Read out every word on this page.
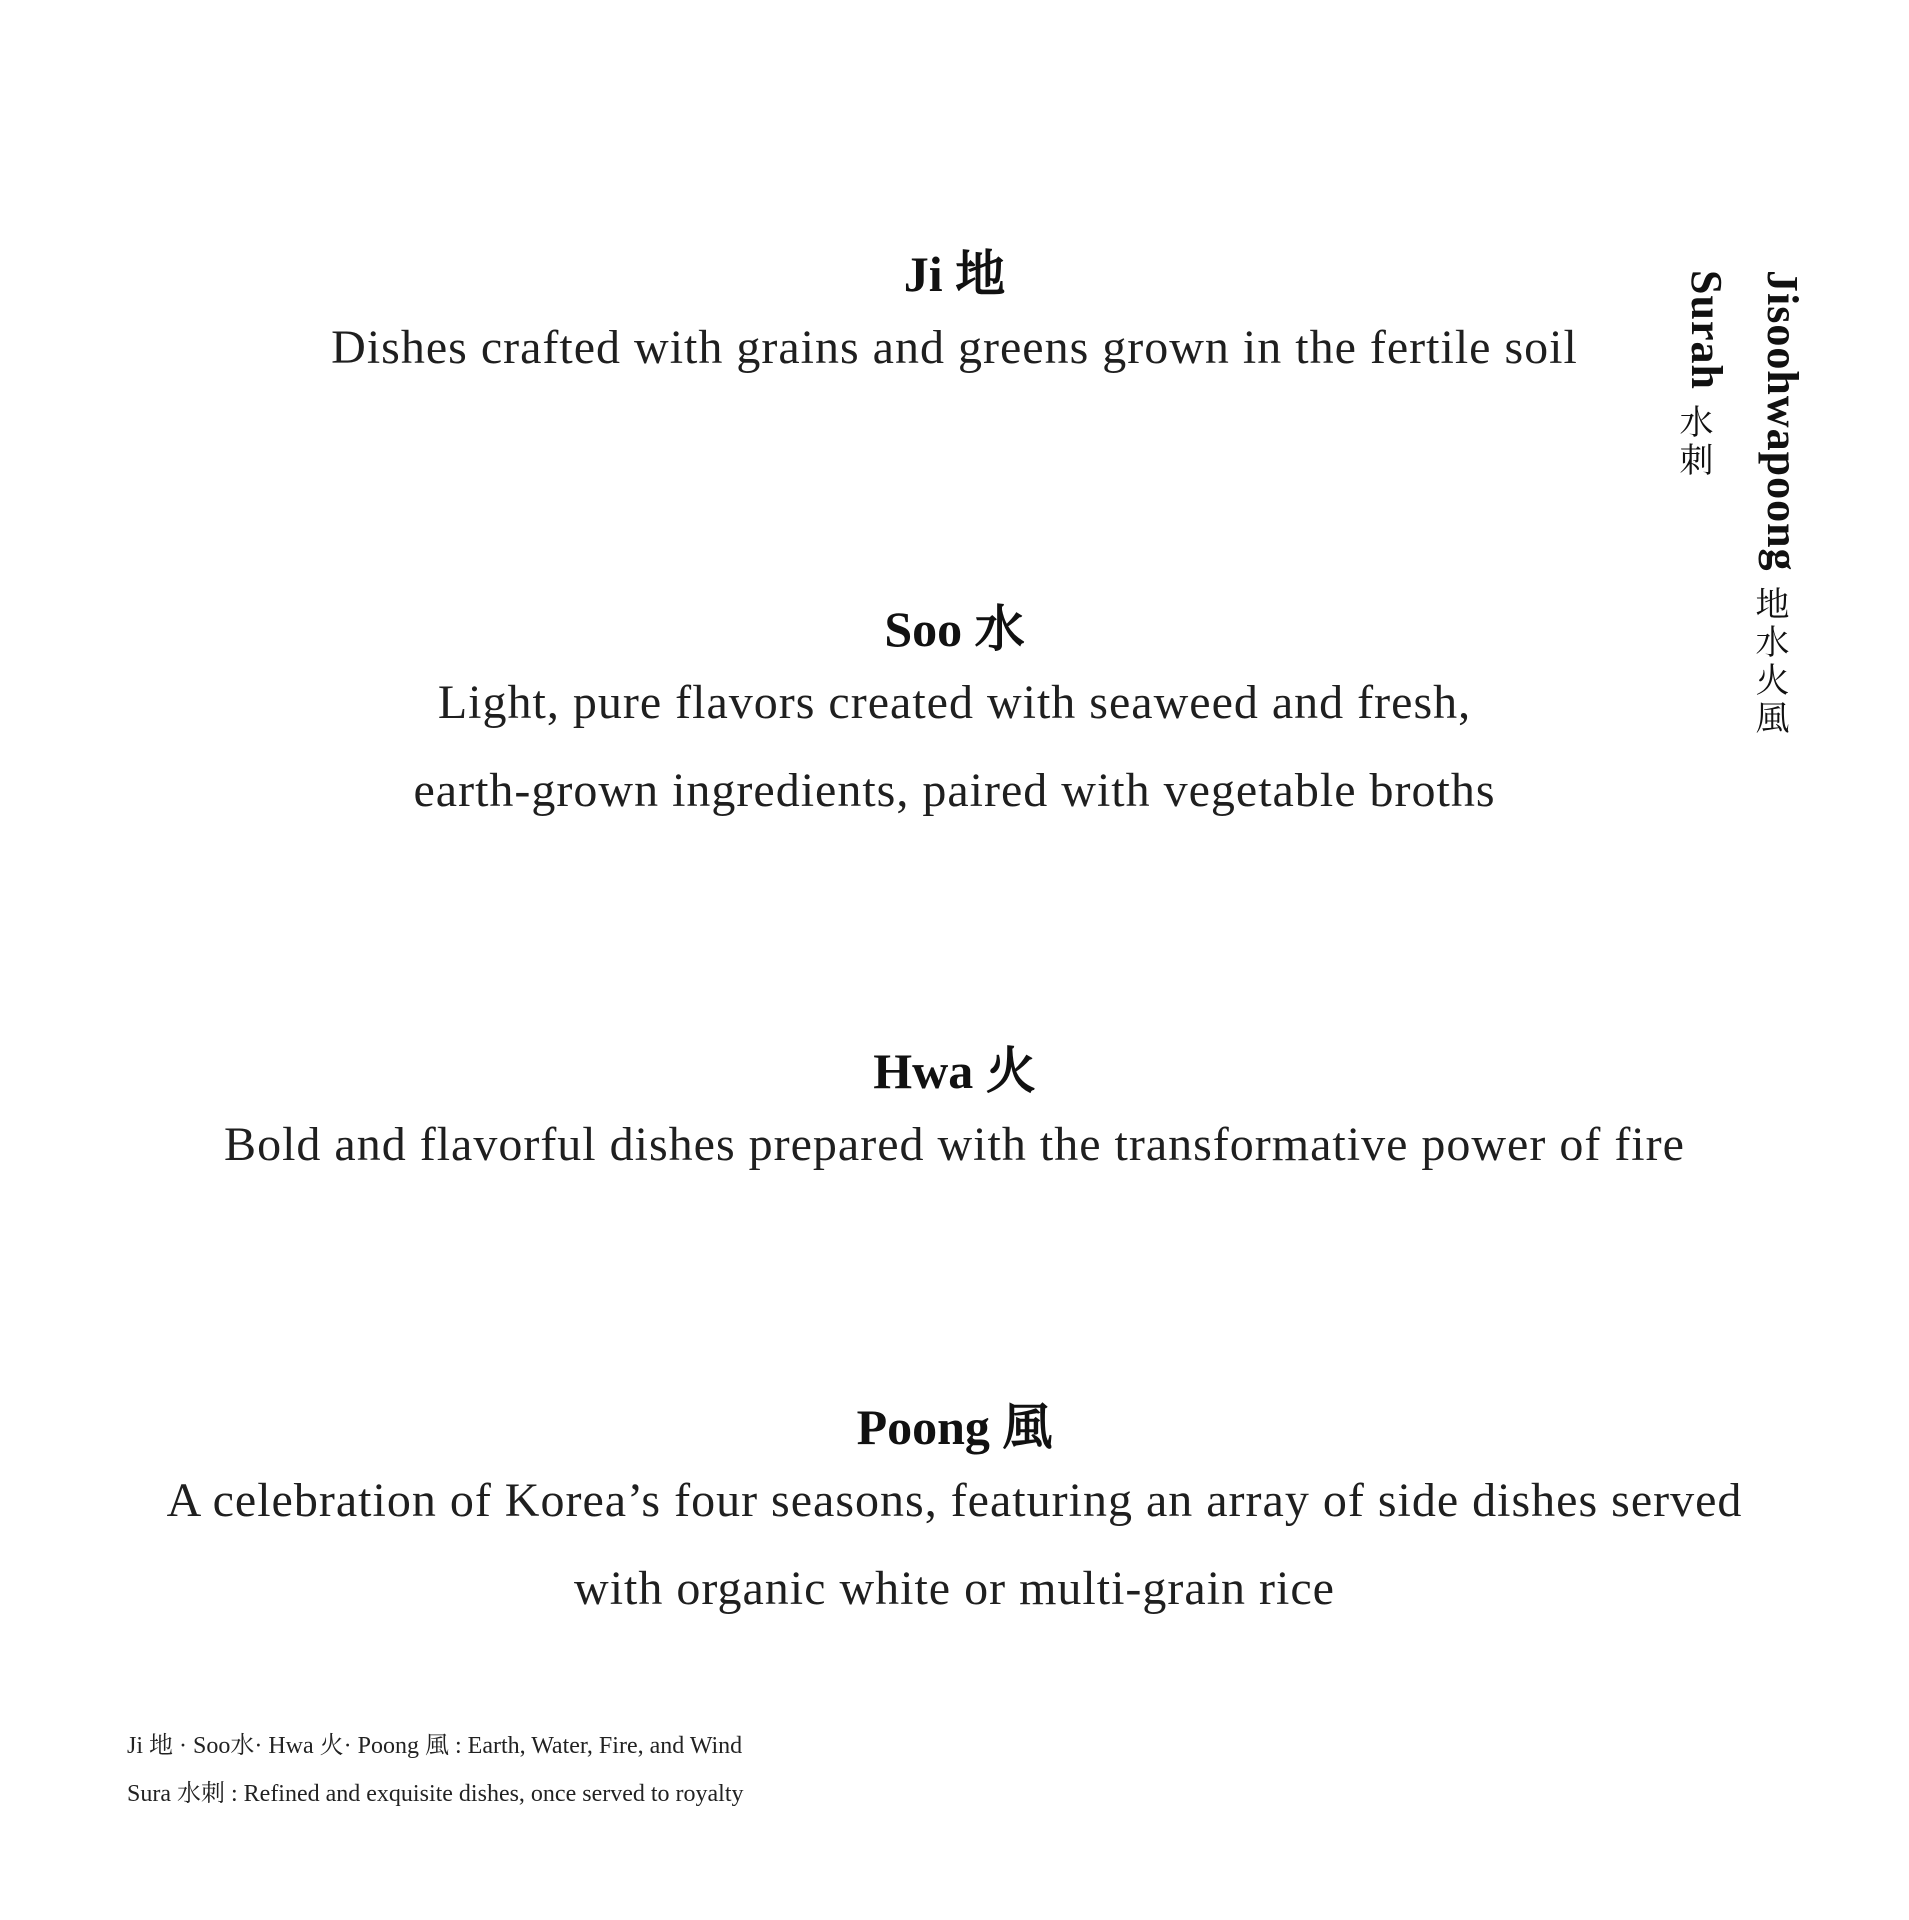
Jisoohwapoong地水火風
Surah水刺
Ji 地
Dishes crafted with grains and greens grown in the fertile soil
Soo 水
Light, pure flavors created with seaweed and fresh,
earth-grown ingredients, paired with vegetable broths
Hwa 火
Bold and flavorful dishes prepared with the transformative power of fire
Poong 風
A celebration of Korea’s four seasons, featuring an array of side dishes served
with organic white or multi-grain rice
Ji 地 · Soo水· Hwa 火· Poong 風 : Earth, Water, Fire, and Wind
Sura 水刺 : Refined and exquisite dishes, once served to royalty
